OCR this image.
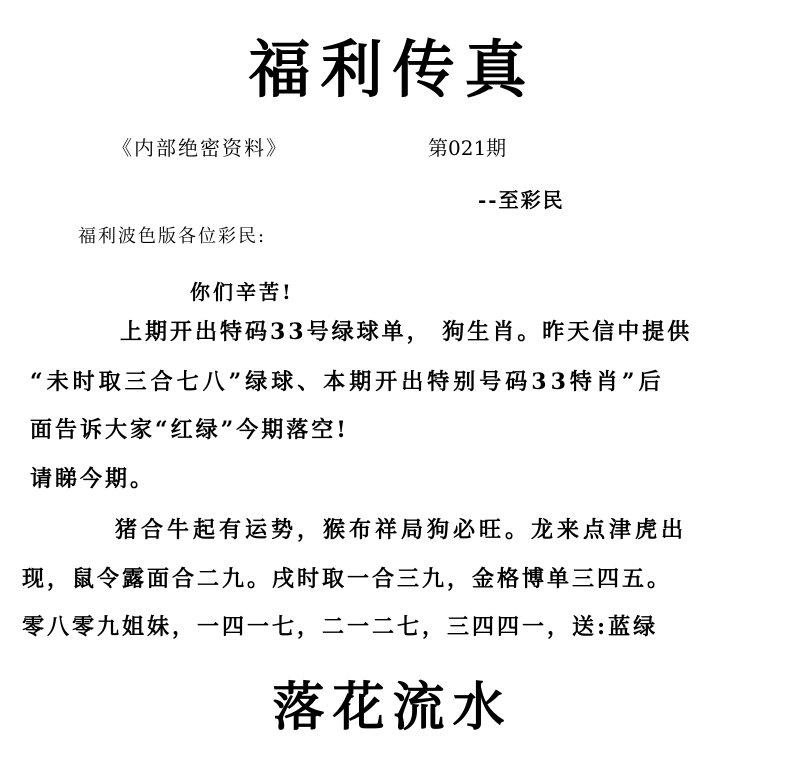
福利传真
《内部绝密资料》	第021期
--至彩民
福利波色版各位彩民:
你们辛苦!
上期开出特码33号绿球单， 狗生肖。昨天信中提供
“未时取三合七八”绿球、本期开出特别号码33特肖”后
面告诉大家“红绿”今期落空!
请睇今期。
猪合牛起有运势，猴布祥局狗必旺。龙来点津虎出
现，鼠令露面合二九。戌时取一合三九，金格博单三四五。
零八零九姐妹，一四一七，二一二七，三四四一，送:蓝绿
落花流水
